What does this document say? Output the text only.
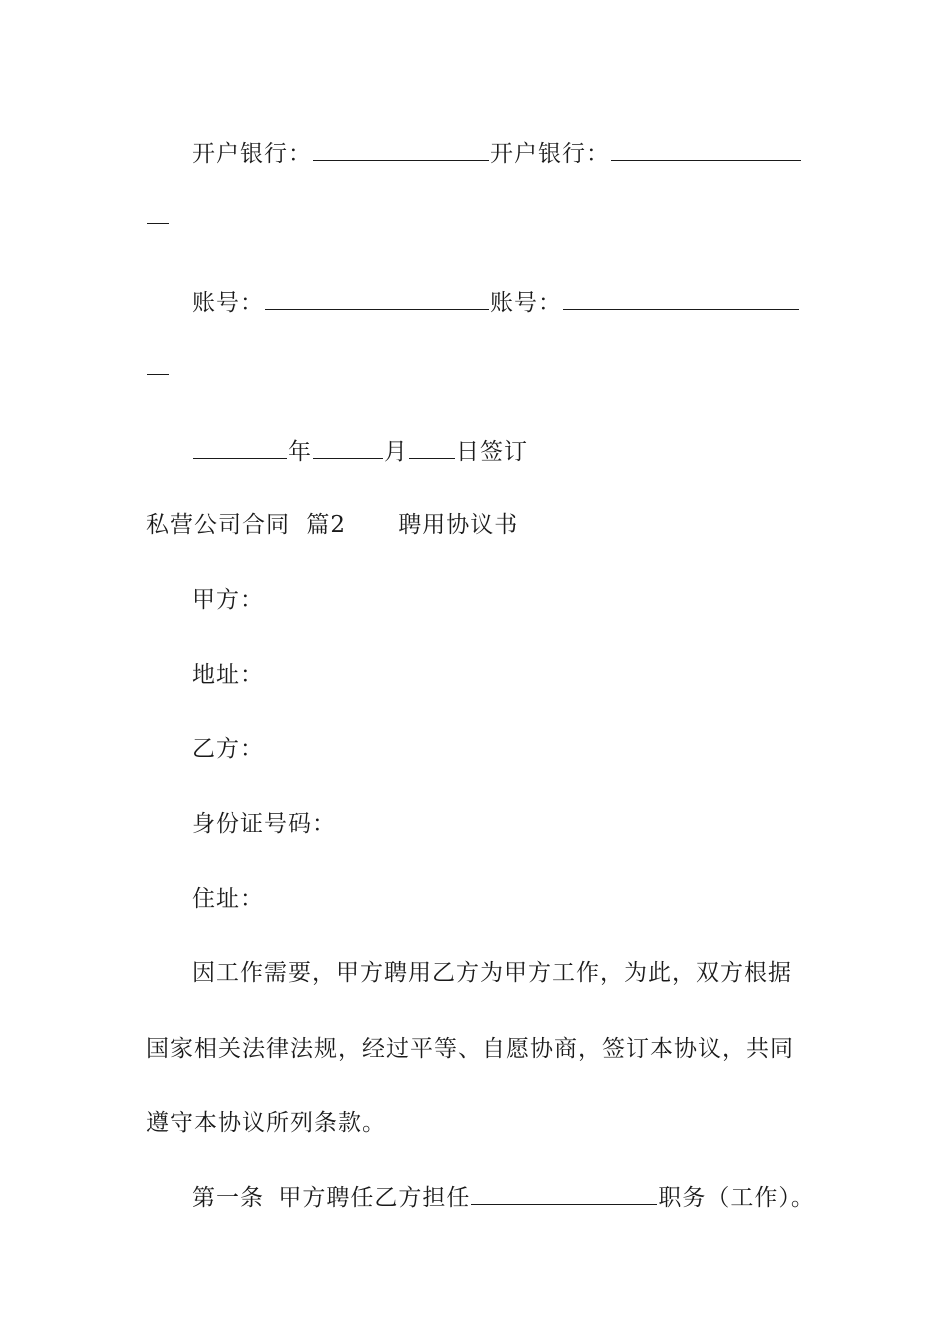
开户银行：	开户银行：
账号：	账号：
年	月 日签订
私营公司合同 篇2 聘用协议书
甲方：
地址：
乙方：
身份证号码：
住址：
因工作需要，甲方聘用乙方为甲方工作，为此，双方根据
国家相关法律法规，经过平等、自愿协商，签订本协议，共同
遵守本协议所列条款。
第一条 甲方聘任乙方担任	职务（工作）。
